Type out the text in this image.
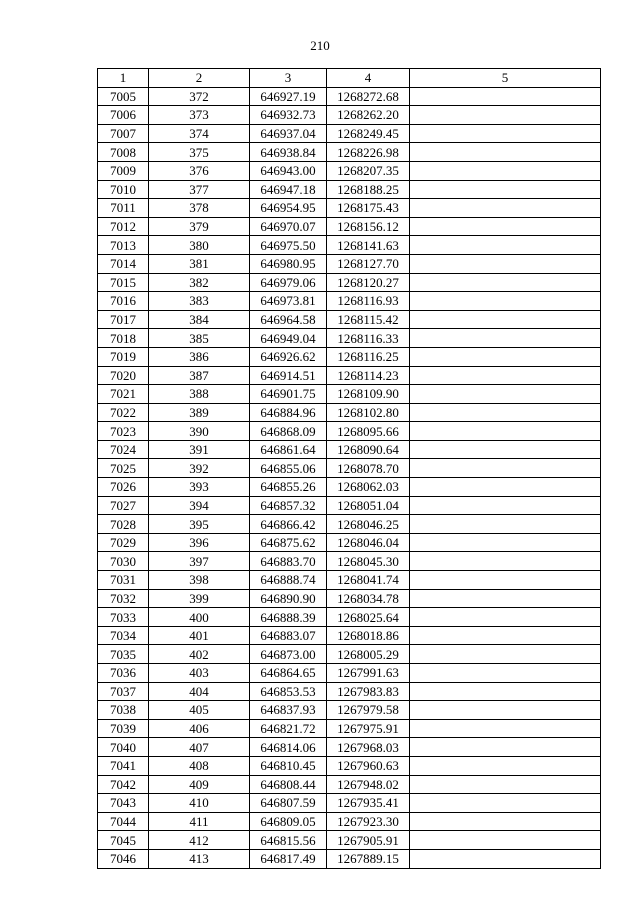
210
1	2	3	4	5
7005	372	646927.19	1268272.68	
7006	373	646932.73	1268262.20	
7007	374	646937.04	1268249.45	
7008	375	646938.84	1268226.98	
7009	376	646943.00	1268207.35	
7010	377	646947.18	1268188.25	
7011	378	646954.95	1268175.43	
7012	379	646970.07	1268156.12	
7013	380	646975.50	1268141.63	
7014	381	646980.95	1268127.70	
7015	382	646979.06	1268120.27	
7016	383	646973.81	1268116.93	
7017	384	646964.58	1268115.42	
7018	385	646949.04	1268116.33	
7019	386	646926.62	1268116.25	
7020	387	646914.51	1268114.23	
7021	388	646901.75	1268109.90	
7022	389	646884.96	1268102.80	
7023	390	646868.09	1268095.66	
7024	391	646861.64	1268090.64	
7025	392	646855.06	1268078.70	
7026	393	646855.26	1268062.03	
7027	394	646857.32	1268051.04	
7028	395	646866.42	1268046.25	
7029	396	646875.62	1268046.04	
7030	397	646883.70	1268045.30	
7031	398	646888.74	1268041.74	
7032	399	646890.90	1268034.78	
7033	400	646888.39	1268025.64	
7034	401	646883.07	1268018.86	
7035	402	646873.00	1268005.29	
7036	403	646864.65	1267991.63	
7037	404	646853.53	1267983.83	
7038	405	646837.93	1267979.58	
7039	406	646821.72	1267975.91	
7040	407	646814.06	1267968.03	
7041	408	646810.45	1267960.63	
7042	409	646808.44	1267948.02	
7043	410	646807.59	1267935.41	
7044	411	646809.05	1267923.30	
7045	412	646815.56	1267905.91	
7046	413	646817.49	1267889.15	
